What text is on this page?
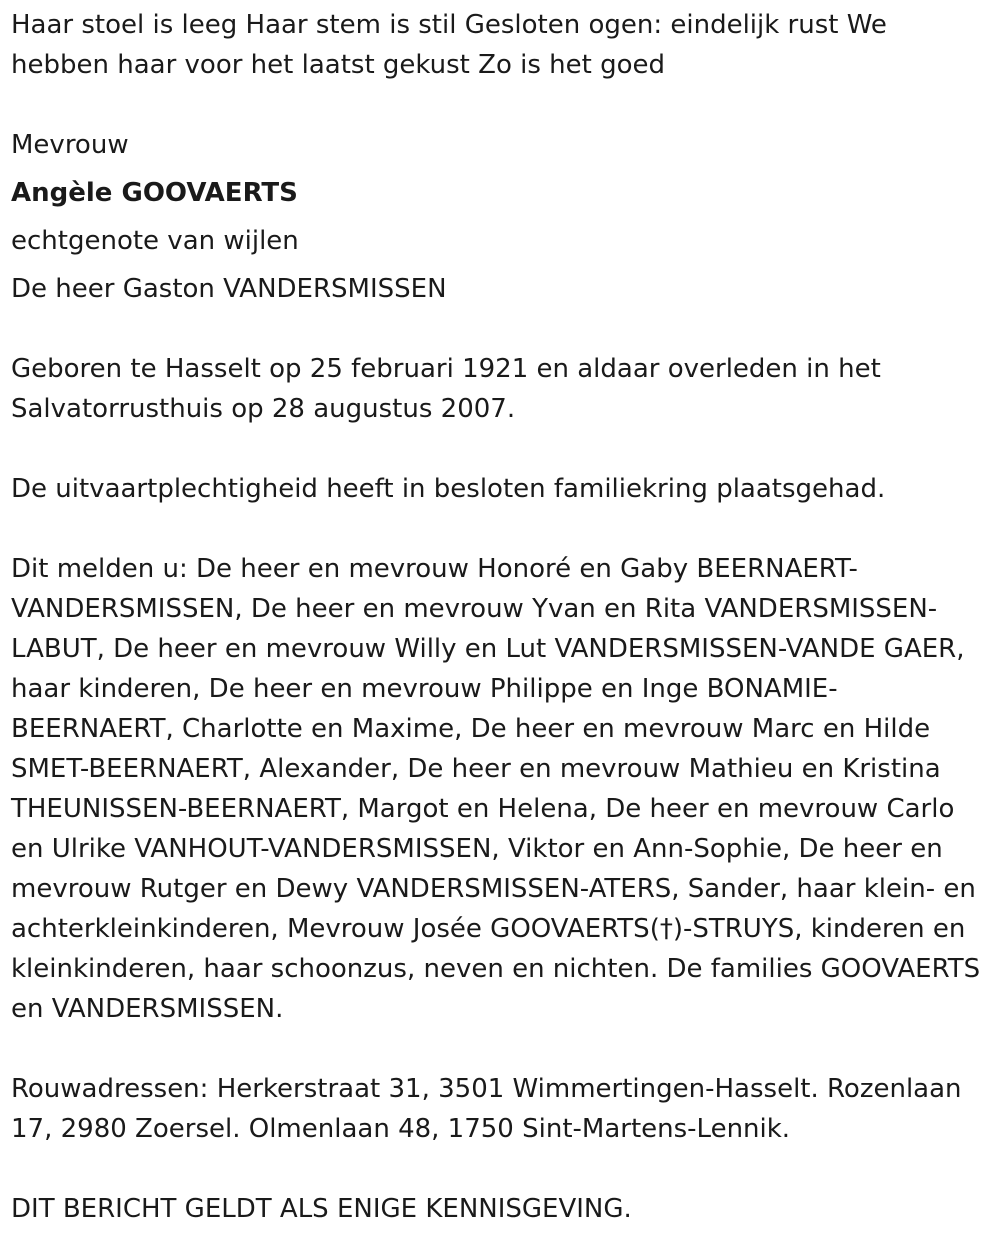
Haar stoel is leeg Haar stem is stil Gesloten ogen: eindelijk rust We hebben haar voor het laatst gekust Zo is het goed

Mevrouw

Angèle GOOVAERTS

echtgenote van wijlen

De heer Gaston VANDERSMISSEN

Geboren te Hasselt op 25 februari 1921 en aldaar overleden in het Salvatorrusthuis op 28 augustus 2007.

De uitvaartplechtigheid heeft in besloten familiekring plaatsgehad.

Dit melden u: De heer en mevrouw Honoré en Gaby BEERNAERT-VANDERSMISSEN, De heer en mevrouw Yvan en Rita VANDERSMISSEN-LABUT, De heer en mevrouw Willy en Lut VANDERSMISSEN-VANDE GAER, haar kinderen, De heer en mevrouw Philippe en Inge BONAMIE-BEERNAERT, Charlotte en Maxime, De heer en mevrouw Marc en Hilde SMET-BEERNAERT, Alexander, De heer en mevrouw Mathieu en Kristina THEUNISSEN-BEERNAERT, Margot en Helena, De heer en mevrouw Carlo en Ulrike VANHOUT-VANDERSMISSEN, Viktor en Ann-Sophie, De heer en mevrouw Rutger en Dewy VANDERSMISSEN-ATERS, Sander, haar klein- en achterkleinkinderen, Mevrouw Josée GOOVAERTS(†)-STRUYS, kinderen en kleinkinderen, haar schoonzus, neven en nichten. De families GOOVAERTS en VANDERSMISSEN.

Rouwadressen: Herkerstraat 31, 3501 Wimmertingen-Hasselt. Rozenlaan 17, 2980 Zoersel. Olmenlaan 48, 1750 Sint-Martens-Lennik.

DIT BERICHT GELDT ALS ENIGE KENNISGEVING.
